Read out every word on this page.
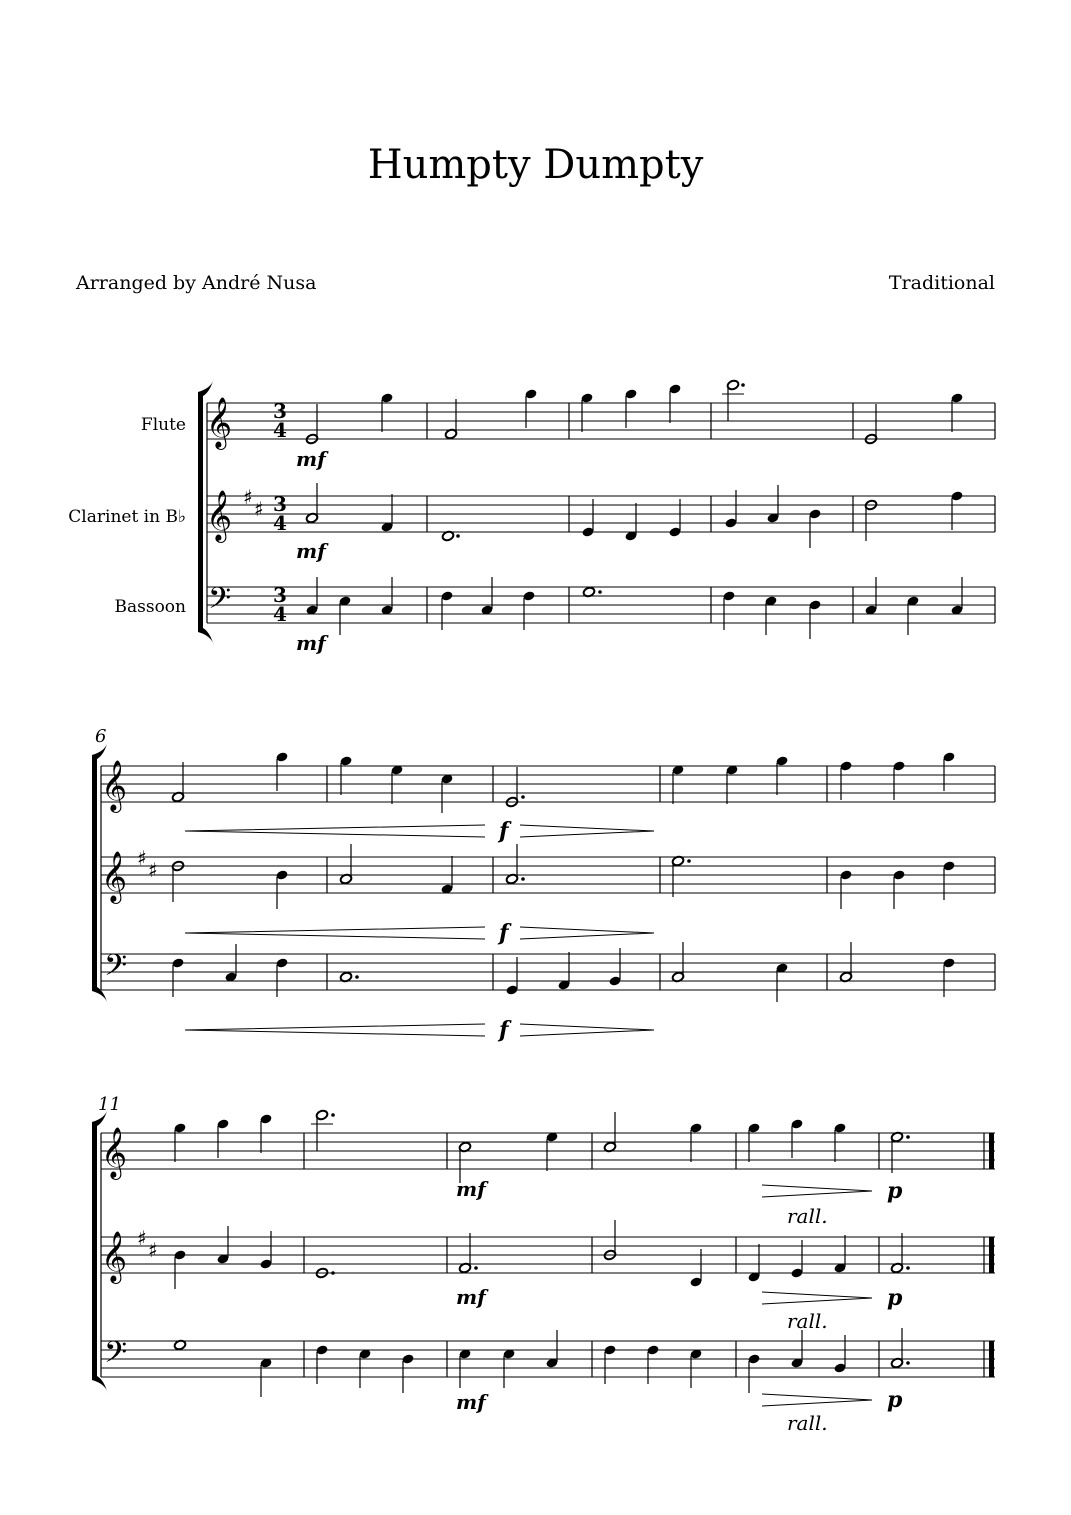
Humpty Dumpty
Arranged by André Nusa	Traditional
Flute
Clarinet in B♭
Bassoon
𝄞
𝄞
𝄢
♯ ♯
3
4
3
4
3
4
mf
mf
mf
6
𝄞
𝄞
𝄢
♯ ♯
f
f
f
11
𝄞
𝄞
𝄢
♯ ♯
mf
mf
mf
p
p
p
rall.
rall.
rall.
